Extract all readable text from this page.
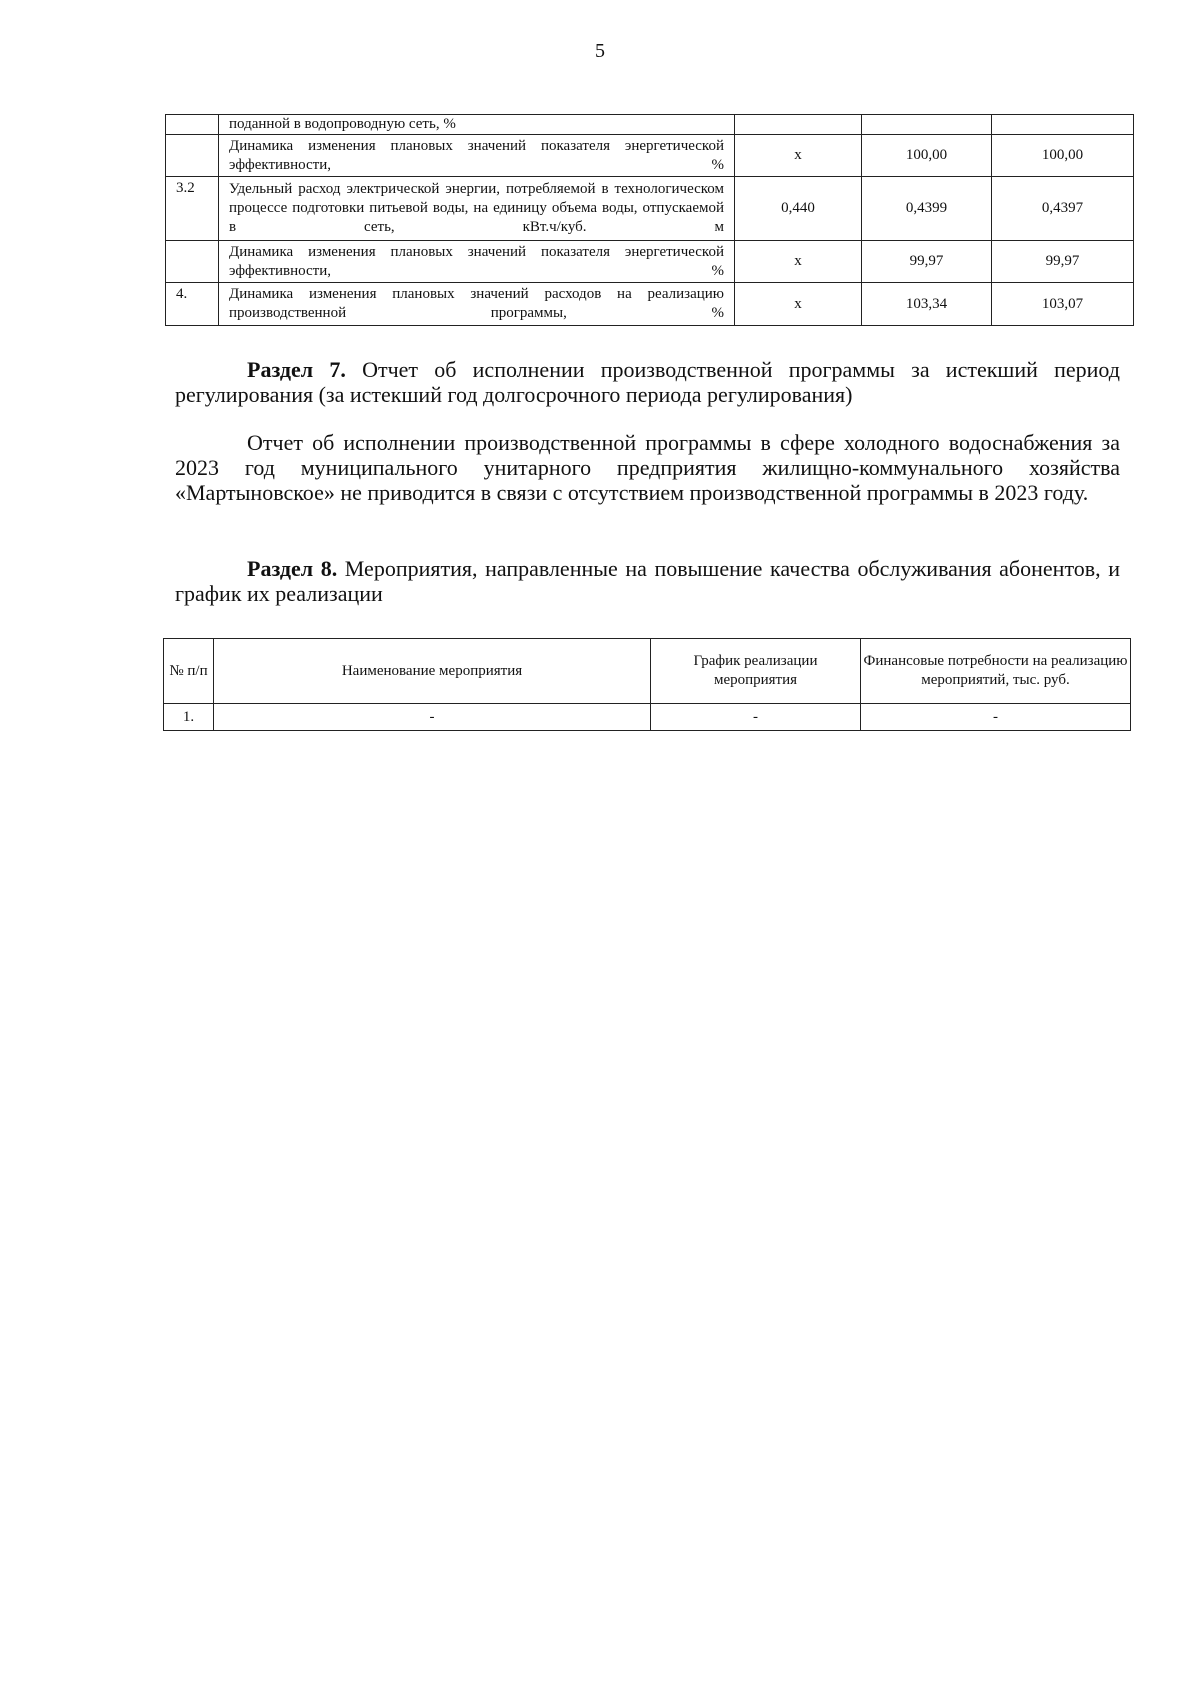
5
	поданной в водопроводную сеть, %			
	Динамика изменения плановых значений показателя энергетической эффективности, %	x	100,00	100,00
3.2	Удельный расход электрической энергии, потребляемой в технологическом процессе подготовки питьевой воды, на единицу объема воды, отпускаемой в сеть, кВт.ч/куб. м	0,440	0,4399	0,4397
	Динамика изменения плановых значений показателя энергетической эффективности, %	x	99,97	99,97
4.	Динамика изменения плановых значений расходов на реализацию производственной программы, %	x	103,34	103,07

Раздел 7. Отчет об исполнении производственной программы за истекший период регулирования (за истекший год долгосрочного периода регулирования)

Отчет об исполнении производственной программы в сфере холодного водоснабжения за 2023 год муниципального унитарного предприятия жилищно-коммунального хозяйства «Мартыновское» не приводится в связи с отсутствием производственной программы в 2023 году.

Раздел 8. Мероприятия, направленные на повышение качества обслуживания абонентов, и график их реализации

№ п/п	Наименование мероприятия	График реализации мероприятия	Финансовые потребности на реализацию мероприятий, тыс. руб.
1.	-	-	-
